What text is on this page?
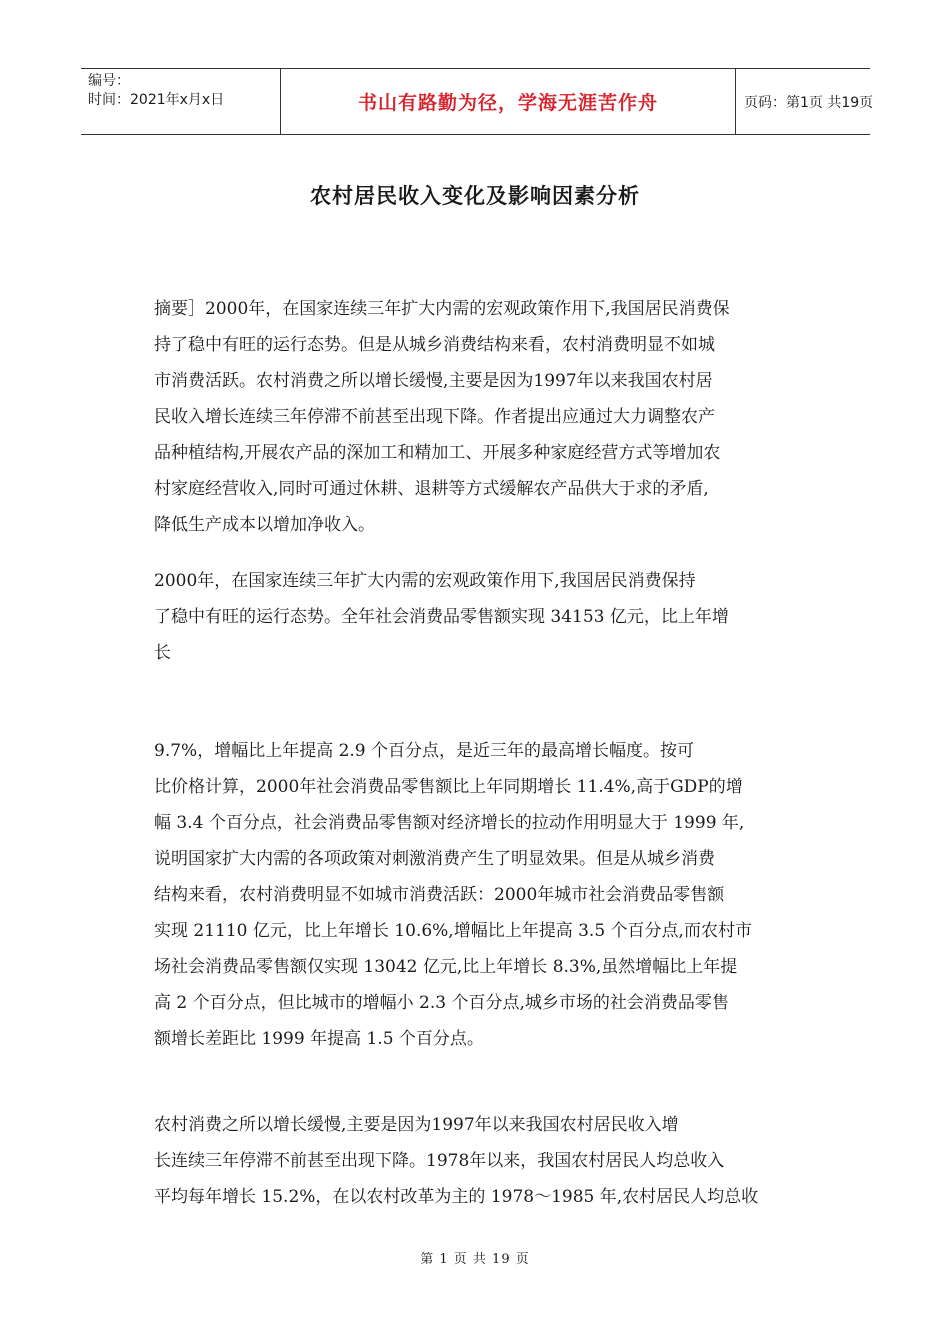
编号：
时间：2021年x月x日	书山有路勤为径，学海无涯苦作舟	页码：第1页 共19页
农村居民收入变化及影响因素分析
摘要］2000年，在国家连续三年扩大内需的宏观政策作用下,我国居民消费保
持了稳中有旺的运行态势。但是从城乡消费结构来看，农村消费明显不如城
市消费活跃。农村消费之所以增长缓慢,主要是因为1997年以来我国农村居
民收入增长连续三年停滞不前甚至出现下降。作者提出应通过大力调整农产
品种植结构,开展农产品的深加工和精加工、开展多种家庭经营方式等增加农
村家庭经营收入,同时可通过休耕、退耕等方式缓解农产品供大于求的矛盾,
降低生产成本以增加净收入。
2000年，在国家连续三年扩大内需的宏观政策作用下,我国居民消费保持
了稳中有旺的运行态势。全年社会消费品零售额实现 34153 亿元，比上年增
长
9.7%，增幅比上年提高 2.9 个百分点，是近三年的最高增长幅度。按可
比价格计算，2000年社会消费品零售额比上年同期增长 11.4%,高于GDP的增
幅 3.4 个百分点，社会消费品零售额对经济增长的拉动作用明显大于 1999 年,
说明国家扩大内需的各项政策对刺激消费产生了明显效果。但是从城乡消费
结构来看，农村消费明显不如城市消费活跃：2000年城市社会消费品零售额
实现 21110 亿元，比上年增长 10.6%,增幅比上年提高 3.5 个百分点,而农村市
场社会消费品零售额仅实现 13042 亿元,比上年增长 8.3%,虽然增幅比上年提
高 2 个百分点，但比城市的增幅小 2.3 个百分点,城乡市场的社会消费品零售
额增长差距比 1999 年提高 1.5 个百分点。
农村消费之所以增长缓慢,主要是因为1997年以来我国农村居民收入增
长连续三年停滞不前甚至出现下降。1978年以来，我国农村居民人均总收入
平均每年增长 15.2%，在以农村改革为主的 1978～1985 年,农村居民人均总收
第 1 页 共 19 页
